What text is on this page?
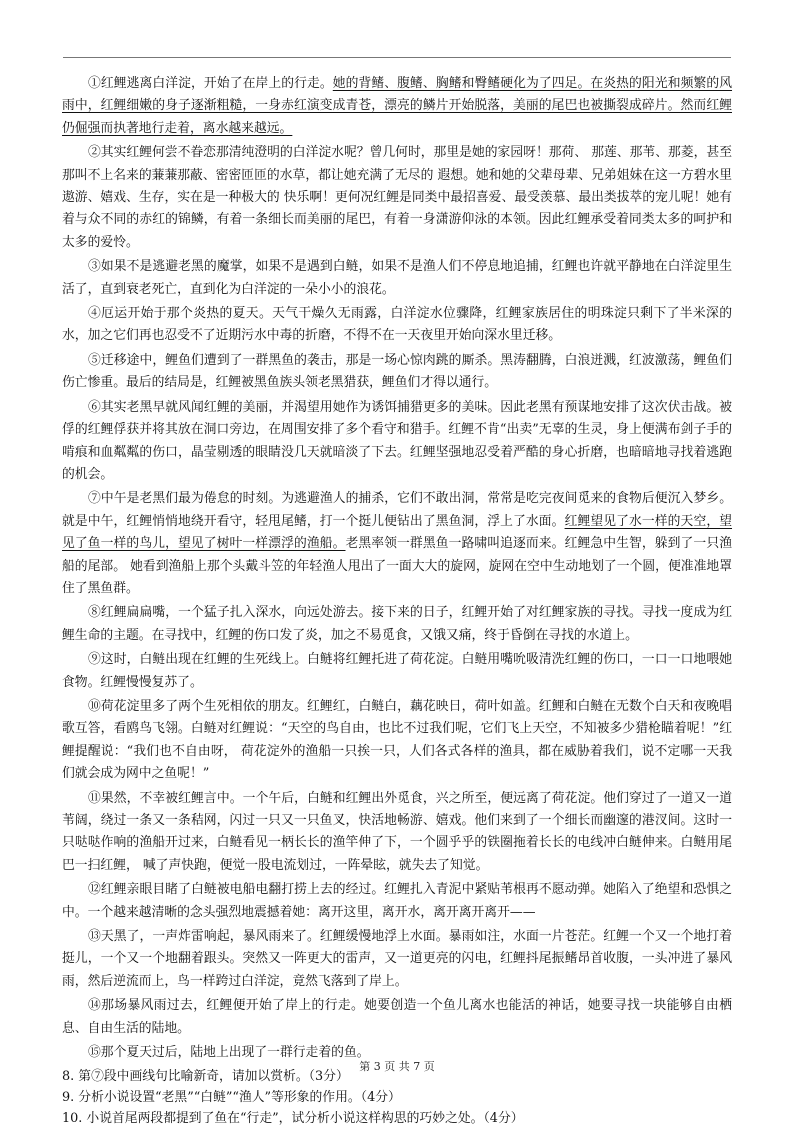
①红鲤逃离白洋淀，开始了在岸上的行走。她的背鳍、腹鳍、胸鳍和臀鳍硬化为了四足。在炎热的阳光和频繁的风雨中，红鲤细嫩的身子逐渐粗糙，一身赤红演变成青苍，漂亮的鳞片开始脱落，美丽的尾巴也被撕裂成碎片。然而红鲤仍倔强而执著地行走着，离水越来越远。

②其实红鲤何尝不眷恋那清纯澄明的白洋淀水呢？曾几何时，那里是她的家园呀！那荷、 那莲、那苇、那菱，甚至那叫不上名来的蒹蒹那蔽、密密匝匝的水草，都让她充满了无尽的 遐想。她和她的父辈母辈、兄弟姐妹在这一方碧水里遨游、嬉戏、生存，实在是一种极大的 快乐啊！更何况红鲤是同类中最招喜爱、最受羡慕、最出类拔萃的宠儿呢！她有着与众不同的赤红的锦鳞，有着一条细长而美丽的尾巴，有着一身潇游仰泳的本领。因此红鲤承受着同类太多的呵护和太多的爱怜。

③如果不是逃避老黑的魔掌，如果不是遇到白鲢，如果不是渔人们不停息地追捕，红鲤也许就平静地在白洋淀里生活了，直到衰老死亡，直到化为白洋淀的一朵小小的浪花。

④厄运开始于那个炎热的夏天。天气干燥久无雨露，白洋淀水位骤降，红鲤家族居住的明珠淀只剩下了半米深的水，加之它们再也忍受不了近期污水中毒的折磨，不得不在一天夜里开始向深水里迁移。

⑤迁移途中，鲤鱼们遭到了一群黑鱼的袭击，那是一场心惊肉跳的厮杀。黑涛翻腾，白浪迸溅，红波激荡，鲤鱼们伤亡惨重。最后的结局是，红鲤被黑鱼族头领老黑猎获，鲤鱼们才得以通行。

⑥其实老黑早就风闻红鲤的美丽，并渴望用她作为诱饵捕猎更多的美味。因此老黑有预谋地安排了这次伏击战。被俘的红鲤俘获并将其放在洞口旁边，在周围安排了多个看守和猎手。红鲤不肯“出卖”无辜的生灵，身上便满布剑子手的啃痕和血粼粼的伤口，晶莹剔透的眼睛没几天就暗淡了下去。红鲤坚强地忍受着严酷的身心折磨，也暗暗地寻找着逃跑的机会。

⑦中午是老黑们最为倦怠的时刻。为逃避渔人的捕杀，它们不敢出洞，常常是吃完夜间觅来的食物后便沉入梦乡。就是中午，红鲤悄悄地绕开看守，轻甩尾鳍，打一个挺儿便钻出了黑鱼洞，浮上了水面。红鲤望见了水一样的天空，望见了鱼一样的鸟儿，望见了树叶一样漂浮的渔船。老黑率领一群黑鱼一路啸叫追逐而来。红鲤急中生智，躲到了一只渔船的尾部。 她看到渔船上那个头戴斗笠的年轻渔人甩出了一面大大的旋网，旋网在空中生动地划了一个圆，便准准地罩住了黑鱼群。

⑧红鲤扁扁嘴，一个猛子扎入深水，向远处游去。接下来的日子，红鲤开始了对红鲤家族的寻找。寻找一度成为红鲤生命的主题。在寻找中，红鲤的伤口发了炎，加之不易觅食，又饿又痛，终于昏倒在寻找的水道上。

⑨这时，白鲢出现在红鲤的生死线上。白鲢将红鲤托进了荷花淀。白鲢用嘴吮吸清洗红鲤的伤口，一口一口地喂她食物。红鲤慢慢复苏了。

⑩荷花淀里多了两个生死相依的朋友。红鲤红，白鲢白，藕花映日，荷叶如盖。红鲤和白鲢在无数个白天和夜晚唱歌互答，看鸥鸟飞翎。白鲢对红鲤说：“天空的鸟自由，也比不过我们呢，它们飞上天空，不知被多少猎枪瞄着呢！”红鲤提醒说：“我们也不自由呀， 荷花淀外的渔船一只挨一只，人们各式各样的渔具，都在威胁着我们，说不定哪一天我们就会成为网中之鱼呢！”

⑪果然，不幸被红鲤言中。一个午后，白鲢和红鲤出外觅食，兴之所至，便远离了荷花淀。他们穿过了一道又一道苇阔，绕过一条又一条秸网，闪过一只又一只鱼叉，快活地畅游、嬉戏。他们来到了一个细长而幽邃的港汊间。这时一只哒哒作响的渔船开过来，白鲢看见一柄长长的渔竿伸了下，一个圆乎乎的铁圈拖着长长的电线冲白鲢伸来。白鲢用尾巴一扫红鲤， 喊了声快跑，便觉一股电流划过，一阵晕眩，就失去了知觉。

⑫红鲤亲眼目睹了白鲢被电船电翻打捞上去的经过。红鲤扎入青泥中紧贴苇根再不愿动弹。她陷入了绝望和恐惧之中。一个越来越清晰的念头强烈地震撼着她：离开这里，离开水，离开离开离开——

⑬天黑了，一声炸雷响起，暴风雨来了。红鲤缓慢地浮上水面。暴雨如注，水面一片苍茫。红鲤一个又一个地打着挺儿，一个又一个地翻着跟头。突然又一阵更大的雷声，又一道更亮的闪电，红鲤抖尾振鳍昂首收腹，一头冲进了暴风雨，然后逆流而上，鸟一样跨过白洋淀，竟然飞落到了岸上。

⑭那场暴风雨过去，红鲤便开始了岸上的行走。她要创造一个鱼儿离水也能活的神话，她要寻找一块能够自由栖息、自由生活的陆地。

⑮那个夏天过后，陆地上出现了一群行走着的鱼。

8. 第⑦段中画线句比喻新奇，请加以赏析。（3分）

9. 分析小说设置“老黑”“白鲢”“渔人”等形象的作用。（4分）

10. 小说首尾两段都提到了鱼在“行走”，试分析小说这样构思的巧妙之处。（4分）

第 3 页 共 7 页
